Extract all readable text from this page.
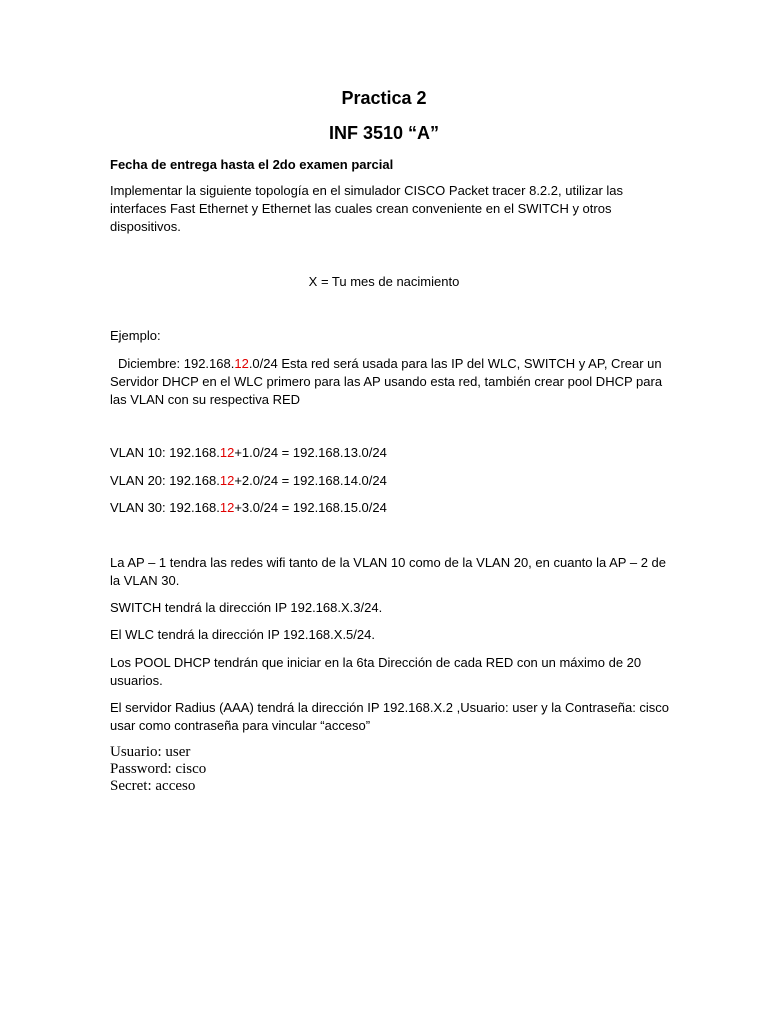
Practica 2
INF 3510 “A”
Fecha de entrega hasta el 2do examen parcial
Implementar la siguiente topología en el simulador CISCO Packet tracer 8.2.2, utilizar las
interfaces Fast Ethernet y Ethernet las cuales crean conveniente en el SWITCH y otros
dispositivos.
X = Tu mes de nacimiento
Ejemplo:
Diciembre: 192.168.12.0/24 Esta red será usada para las IP del WLC, SWITCH y AP, Crear un
Servidor DHCP en el WLC primero para las AP usando esta red, también crear pool DHCP para
las VLAN con su respectiva RED
VLAN 10: 192.168.12+1.0/24 = 192.168.13.0/24
VLAN 20: 192.168.12+2.0/24 = 192.168.14.0/24
VLAN 30: 192.168.12+3.0/24 = 192.168.15.0/24
La AP – 1 tendra las redes wifi tanto de la VLAN 10 como de la VLAN 20, en cuanto la AP – 2 de
la VLAN 30.
SWITCH tendrá la dirección IP 192.168.X.3/24.
El WLC tendrá la dirección IP 192.168.X.5/24.
Los POOL DHCP tendrán que iniciar en la 6ta Dirección de cada RED con un máximo de 20
usuarios.
El servidor Radius (AAA) tendrá la dirección IP 192.168.X.2 ,Usuario: user y la Contraseña: cisco
usar como contraseña para vincular “acceso”
Usuario: user
Password: cisco
Secret: acceso
